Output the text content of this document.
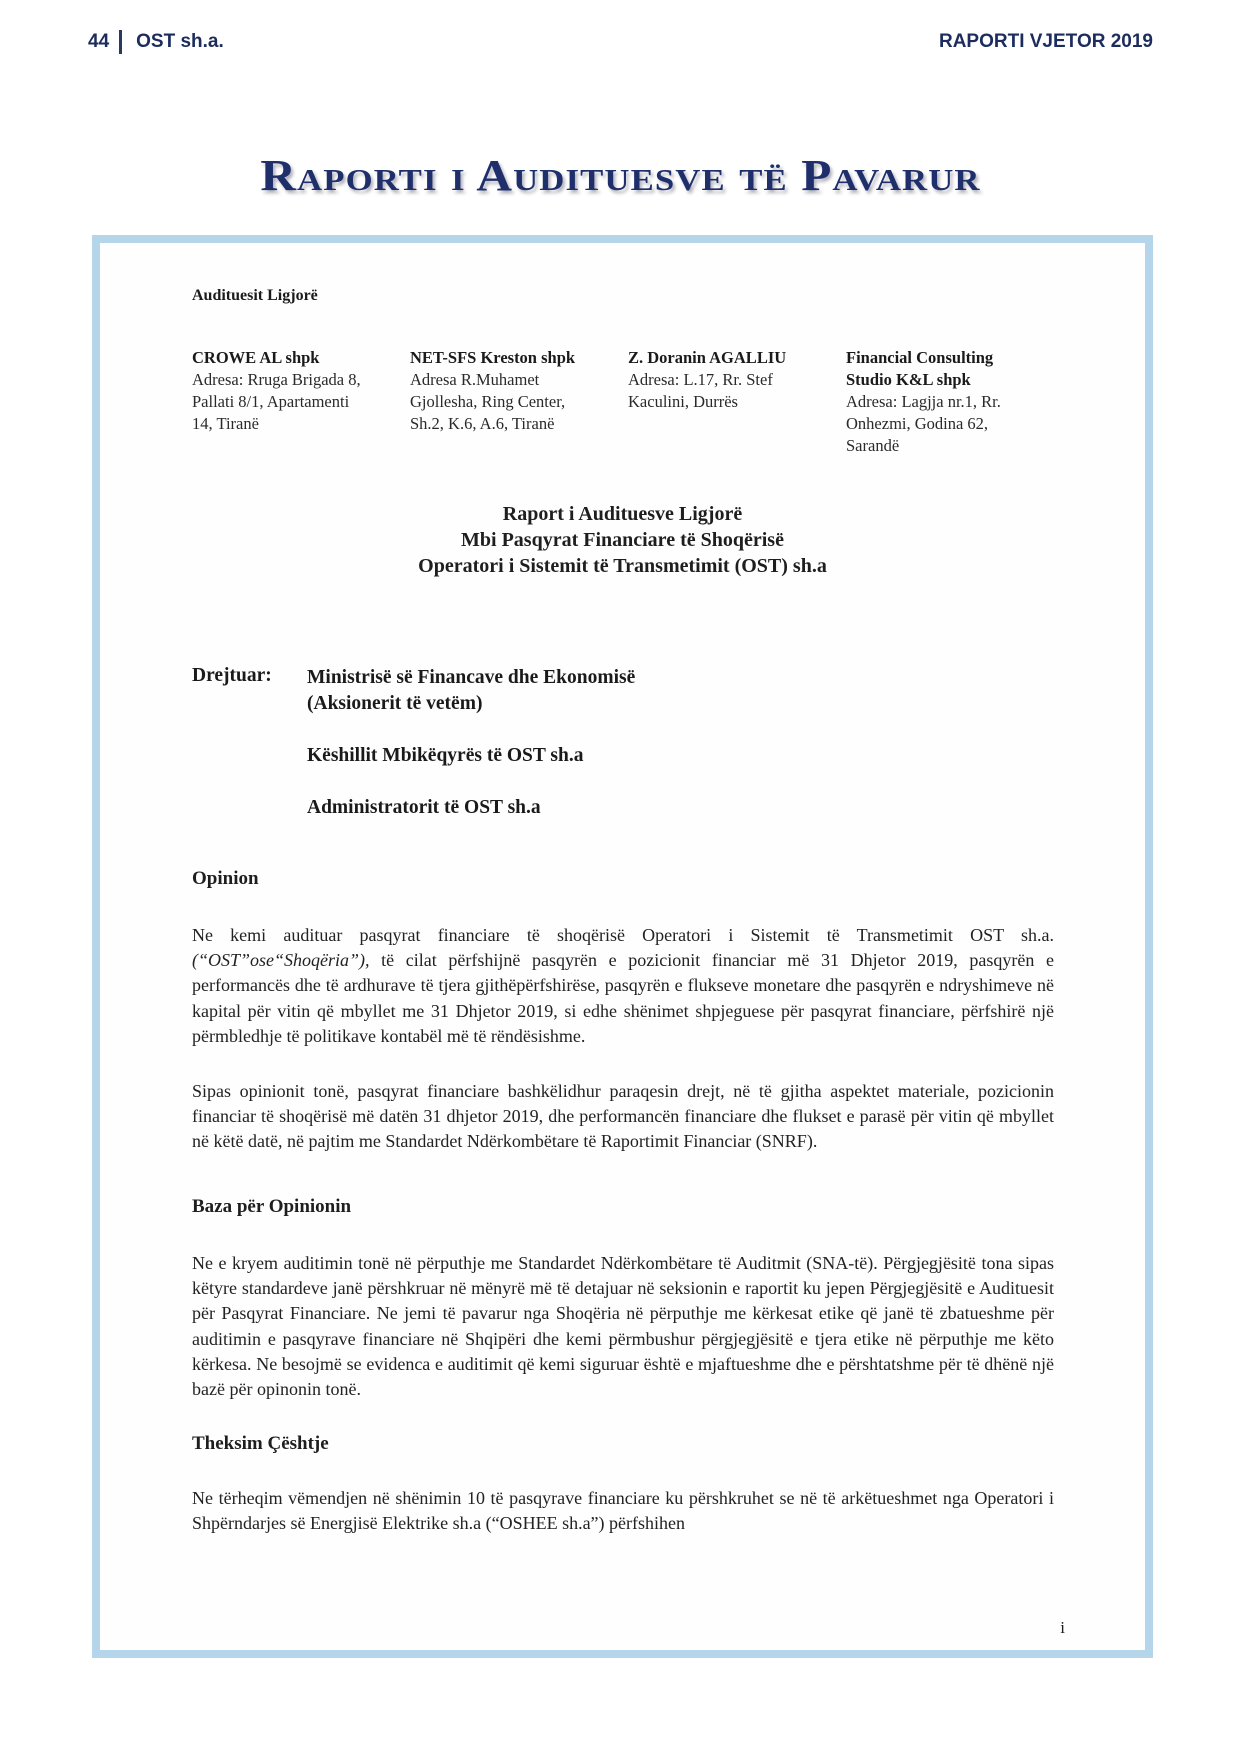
44 OST sh.a.	RAPORTI VJETOR 2019
Raporti i Audituesve të Pavarur
Audituesit Ligjorë
CROWE AL shpk
Adresa: Rruga Brigada 8,
Pallati 8/1, Apartamenti
14, Tiranë
NET-SFS Kreston shpk
Adresa R.Muhamet
Gjollesha, Ring Center,
Sh.2, K.6, A.6, Tiranë
Z. Doranin AGALLIU
Adresa: L.17, Rr. Stef
Kaculini, Durrës
Financial Consulting Studio K&L shpk
Adresa: Lagjja nr.1, Rr.
Onhezmi, Godina 62,
Sarandë
Raport i Audituesve Ligjorë
Mbi Pasqyrat Financiare të Shoqërisë
Operatori i Sistemit të Transmetimit (OST) sh.a
Drejtuar: Ministrisë së Financave dhe Ekonomisë
(Aksionerit të vetëm)
Këshillit Mbikëqyrës të OST sh.a
Administratorit të OST sh.a
Opinion
Ne kemi audituar pasqyrat financiare të shoqërisë Operatori i Sistemit të Transmetimit OST sh.a. (“OST”ose“Shoqëria”), të cilat përfshijnë pasqyrën e pozicionit financiar më 31 Dhjetor 2019, pasqyrën e performancës dhe të ardhurave të tjera gjithëpërfshirëse, pasqyrën e flukseve monetare dhe pasqyrën e ndryshimeve në kapital për vitin që mbyllet me 31 Dhjetor 2019, si edhe shënimet shpjeguese për pasqyrat financiare, përfshirë një përmbledhje të politikave kontabël më të rëndësishme.
Sipas opinionit tonë, pasqyrat financiare bashkëlidhur paraqesin drejt, në të gjitha aspektet materiale, pozicionin financiar të shoqërisë më datën 31 dhjetor 2019, dhe performancën financiare dhe flukset e parasë për vitin që mbyllet në këtë datë, në pajtim me Standardet Ndërkombëtare të Raportimit Financiar (SNRF).
Baza për Opinionin
Ne e kryem auditimin tonë në përputhje me Standardet Ndërkombëtare të Auditmit (SNA-të). Përgjegjësitë tona sipas këtyre standardeve janë përshkruar në mënyrë më të detajuar në seksionin e raportit ku jepen Përgjegjësitë e Audituesit për Pasqyrat Financiare. Ne jemi të pavarur nga Shoqëria në përputhje me kërkesat etike që janë të zbatueshme për auditimin e pasqyrave financiare në Shqipëri dhe kemi përmbushur përgjegjësitë e tjera etike në përputhje me këto kërkesa. Ne besojmë se evidenca e auditimit që kemi siguruar është e mjaftueshme dhe e përshtatshme për të dhënë një bazë për opinonin tonë.
Theksim Çështje
Ne tërheqim vëmendjen në shënimin 10 të pasqyrave financiare ku përshkruhet se në të arkëtueshmet nga Operatori i Shpërndarjes së Energjisë Elektrike sh.a (“OSHEE sh.a”) përfshihen
i
